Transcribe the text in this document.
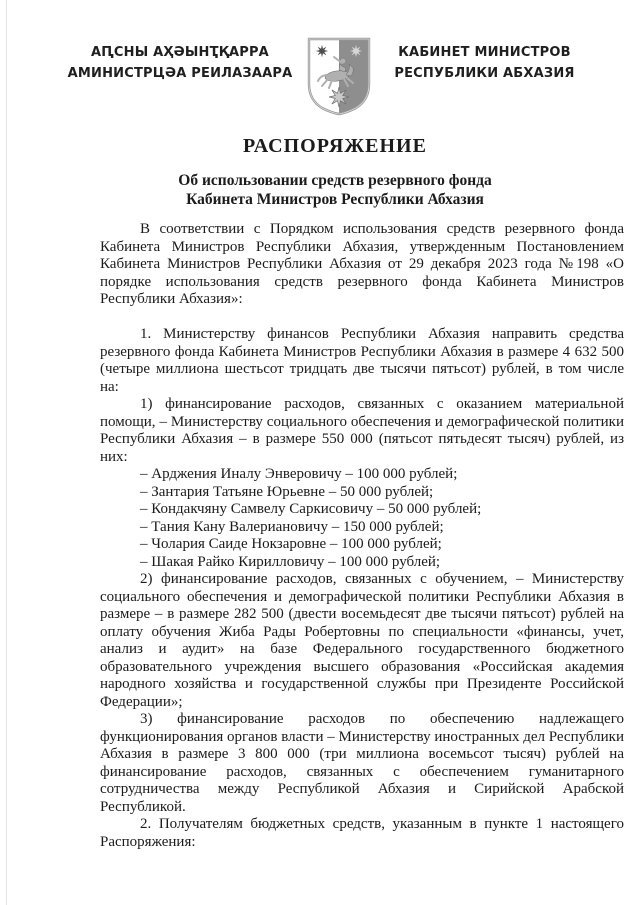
АԤСНЫ АҲӘЫНҬҚАРРА
АМИНИСТРЦӘА РЕИЛАЗААРА
КАБИНЕТ МИНИСТРОВ
РЕСПУБЛИКИ АБХАЗИЯ
РАСПОРЯЖЕНИЕ
Об использовании средств резервного фонда
Кабинета Министров Республики Абхазия

В соответствии с Порядком использования средств резервного фонда Кабинета Министров Республики Абхазия, утвержденным Постановлением Кабинета Министров Республики Абхазия от 29 декабря 2023 года №198 «О порядке использования средств резервного фонда Кабинета Министров Республики Абхазия»:

1. Министерству финансов Республики Абхазия направить средства резервного фонда Кабинета Министров Республики Абхазия в размере 4 632 500 (четыре миллиона шестьсот тридцать две тысячи пятьсот) рублей, в том числе на:

1) финансирование расходов, связанных с оказанием материальной помощи, – Министерству социального обеспечения и демографической политики Республики Абхазия – в размере 550 000 (пятьсот пятьдесят тысяч) рублей, из них:

– Арджения Иналу Энверовичу – 100 000 рублей;

– Зантария Татьяне Юрьевне – 50 000 рублей;

– Кондакчяну Самвелу Саркисовичу – 50 000 рублей;

– Тания Кану Валериановичу – 150 000 рублей;

– Чолария Саиде Нокзаровне – 100 000 рублей;

– Шакая Райко Кирилловичу – 100 000 рублей;

2) финансирование расходов, связанных с обучением, – Министерству социального обеспечения и демографической политики Республики Абхазия в размере – в размере 282 500 (двести восемьдесят две тысячи пятьсот) рублей на оплату обучения Жиба Рады Робертовны по специальности «финансы, учет, анализ и аудит» на базе Федерального государственного бюджетного образовательного учреждения высшего образования «Российская академия народного хозяйства и государственной службы при Президенте Российской Федерации»;

3) финансирование расходов по обеспечению надлежащего функционирования органов власти – Министерству иностранных дел Республики Абхазия в размере 3 800 000 (три миллиона восемьсот тысяч) рублей на финансирование расходов, связанных с обеспечением гуманитарного сотрудничества между Республикой Абхазия и Сирийской Арабской Республикой.

2. Получателям бюджетных средств, указанным в пункте 1 настоящего Распоряжения:
